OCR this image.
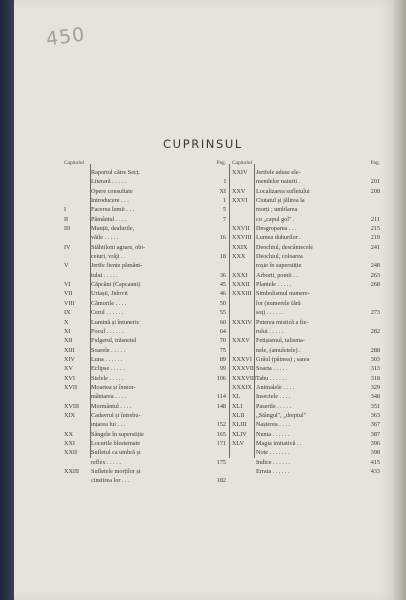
450
CUPRINSUL
Capitolul	Pag.
Raportul către Secț.
Literară . . . . .	I
Opere consultate	XI
Introducere . . .	1
I	Facerea lumii . . .	5
II	Pământul . . . .	7
III	Munții, dealurile,
văile . . . . .	16
IV	Stăhiiloni agrare, obi-
ceiuri, vrăji . .	18
V	Jertfe fiente pământ-
tului . . . . .	36
VI	Căpcăni (Capcauni)	45
VII	Uriașii, Jidovii	46
VIII	Cămorile . . . .	50
IX	Cerul . . . . . .	55
X	Lumină și întuneric	60
XI	Focul . . . . . .	64
XII	Fulgerul, trăsnetul	70
XIII	Soarele . . . . .	75
XIV	Luna . . . . . .	89
XV	Eclipse . . . . .	99
XVI	Stelele . . . . .	106
XVII	Moartea și înmor-
mântarea . . . .	114
XVIII	Mormântul . . . .	148
XIX	Cadavrul și întrebu-
ințarea lui . . .	152
XX	Sângele în superstiție	165
XXI	Locurile blestemate	171
XXII	Sufletul ca umbră și
reflex . . . . .	175
XXIII	Sufletele morților și
cinstirea lor . . .	182
Capitolul	Pag.
XXIV	Jertfele aduse ele-
mendelor naturii .	201
XXV	Localizarea sufletului	208
XXVI	Ciutatul și jălirea la
morți ; umblarea
cu „capul gol" .	211
XXVII	Desgroparea . . .	215
XXVIII Lumea duhurilor .	219
XXIX	Deochiul, descântecele	241
XXX	Deochiul, coloarea
roșie în superstiție	248
XXXI	Arborii, pomii . .	263
XXXII	Plantele . . . . .	268
XXXIII Simbolismul numere-
lor (numerele fără
soț) . . . . . .	273
XXXIV Puterea mistică a fie-
rului . . . . .	282
XXXV Fetișismul, talisma-
nele, (amuletele) .	288
XXXVI Grâul (pâinea) ; sarea	303
XXXVII Soarta . . . . .	313
XXXVIII Tabu . . . . . .	318
XXXIX Animalele . . . .	329
XL	Insectele . . . .	348
XLI	Paserile . . . . .	351
XLII	„Stângul", „dreptul"	363
XLIII	Nașterea . . . .	367
XLIV	Nunta . . . . . .	387
XLV	Magia imitativă . .	396
Note . . . . . . .	398
Indice . . . . . .	415
Errata . . . . . .	433
